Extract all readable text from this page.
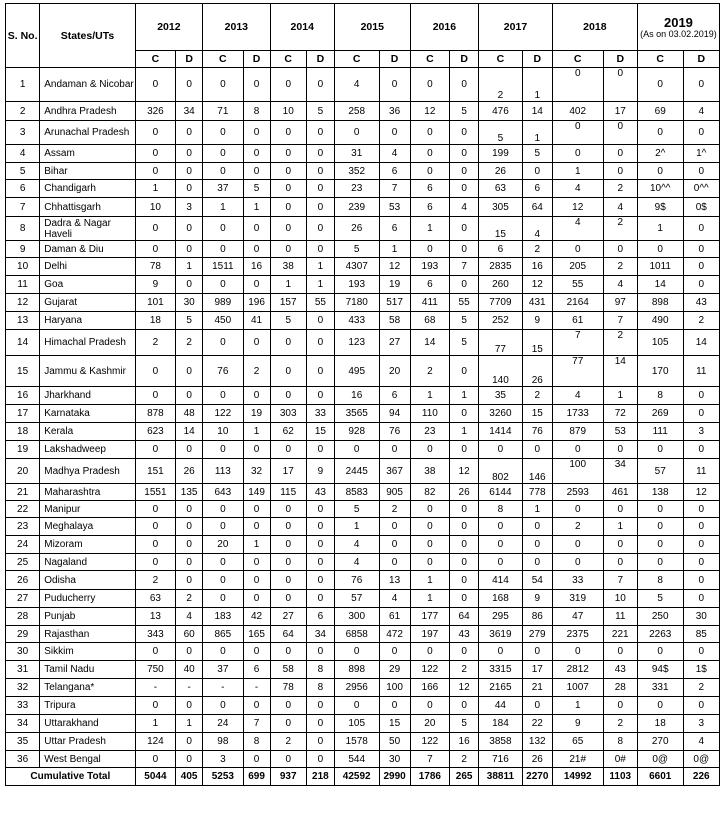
S. No.	States/UTs	2012		2013		2014		2015		2016		2017		2018		2019
(As on 03.02.2019)	

		C	D	C	D	C	D	C	D	C	D	C	D	C	D	C	D
1	Andaman & Nicobar	0	0	0	0	0	0	4	0	0	0	2	1	0	0	0	0
2	Andhra Pradesh	326	34	71	8	10	5	258	36	12	5	476	14	402	17	69	4
3	Arunachal Pradesh	0	0	0	0	0	0	0	0	0	0	5	1	0	0	0	0
4	Assam	0	0	0	0	0	0	31	4	0	0	199	5	0	0	2^	1^
5	Bihar	0	0	0	0	0	0	352	6	0	0	26	0	1	0	0	0
6	Chandigarh	1	0	37	5	0	0	23	7	6	0	63	6	4	2	10^^	0^^
7	Chhattisgarh	10	3	1	1	0	0	239	53	6	4	305	64	12	4	9$	0$
8	Dadra & Nagar Haveli	0	0	0	0	0	0	26	6	1	0	15	4	4	2	1	0
9	Daman & Diu	0	0	0	0	0	0	5	1	0	0	6	2	0	0	0	0
10	Delhi	78	1	1511	16	38	1	4307	12	193	7	2835	16	205	2	1011	0
11	Goa	9	0	0	0	1	1	193	19	6	0	260	12	55	4	14	0
12	Gujarat	101	30	989	196	157	55	7180	517	411	55	7709	431	2164	97	898	43
13	Haryana	18	5	450	41	5	0	433	58	68	5	252	9	61	7	490	2
14	Himachal Pradesh	2	2	0	0	0	0	123	27	14	5	77	15	7	2	105	14
15	Jammu & Kashmir	0	0	76	2	0	0	495	20	2	0	140	26	77	14	170	11
16	Jharkhand	0	0	0	0	0	0	16	6	1	1	35	2	4	1	8	0
17	Karnataka	878	48	122	19	303	33	3565	94	110	0	3260	15	1733	72	269	0
18	Kerala	623	14	10	1	62	15	928	76	23	1	1414	76	879	53	111	3
19	Lakshadweep	0	0	0	0	0	0	0	0	0	0	0	0	0	0	0	0
20	Madhya Pradesh	151	26	113	32	17	9	2445	367	38	12	802	146	100	34	57	11
21	Maharashtra	1551	135	643	149	115	43	8583	905	82	26	6144	778	2593	461	138	12
22	Manipur	0	0	0	0	0	0	5	2	0	0	8	1	0	0	0	0
23	Meghalaya	0	0	0	0	0	0	1	0	0	0	0	0	2	1	0	0
24	Mizoram	0	0	20	1	0	0	4	0	0	0	0	0	0	0	0	0
25	Nagaland	0	0	0	0	0	0	4	0	0	0	0	0	0	0	0	0
26	Odisha	2	0	0	0	0	0	76	13	1	0	414	54	33	7	8	0
27	Puducherry	63	2	0	0	0	0	57	4	1	0	168	9	319	10	5	0
28	Punjab	13	4	183	42	27	6	300	61	177	64	295	86	47	11	250	30
29	Rajasthan	343	60	865	165	64	34	6858	472	197	43	3619	279	2375	221	2263	85
30	Sikkim	0	0	0	0	0	0	0	0	0	0	0	0	0	0	0	0
31	Tamil Nadu	750	40	37	6	58	8	898	29	122	2	3315	17	2812	43	94$	1$
32	Telangana*	-	-	-	-	78	8	2956	100	166	12	2165	21	1007	28	331	2
33	Tripura	0	0	0	0	0	0	0	0	0	0	44	0	1	0	0	0
34	Uttarakhand	1	1	24	7	0	0	105	15	20	5	184	22	9	2	18	3
35	Uttar Pradesh	124	0	98	8	2	0	1578	50	122	16	3858	132	65	8	270	4
36	West Bengal	0	0	3	0	0	0	544	30	7	2	716	26	21#	0#	0@	0@
Cumulative Total		5044	405	5253	699	937	218	42592	2990	1786	265	38811	2270	14992	1103	6601	226
